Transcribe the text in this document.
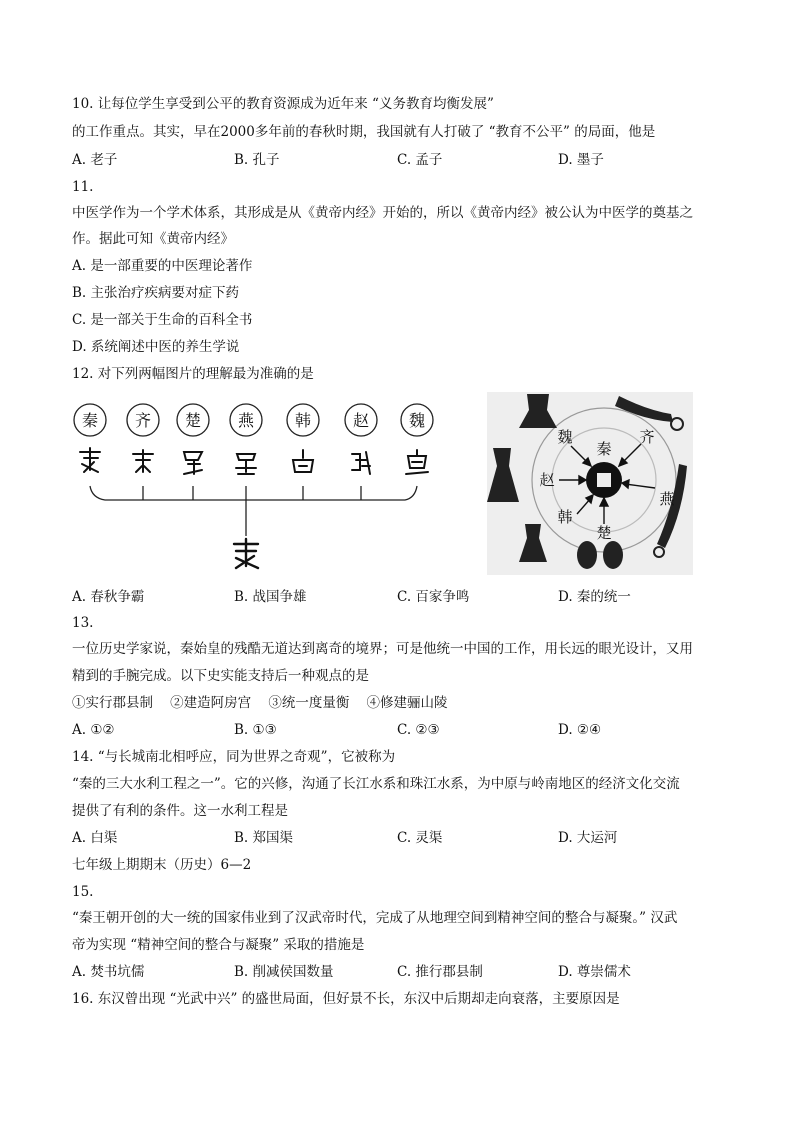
10. 让每位学生享受到公平的教育资源成为近年来 “义务教育均衡发展”
的工作重点。其实，早在2000多年前的春秋时期，我国就有人打破了 “教育不公平” 的局面，他是
A. 老子	B. 孔子	C. 孟子	D. 墨子
11.
中医学作为一个学术体系，其形成是从《黄帝内经》开始的，所以《黄帝内经》被公认为中医学的奠基之
作。据此可知《黄帝内经》
A. 是一部重要的中医理论著作
B. 主张治疗疾病要对症下药
C. 是一部关于生命的百科全书
D. 系统阐述中医的养生学说
12. 对下列两幅图片的理解最为准确的是
秦 齐 楚 燕	韩	赵 魏
秦
魏	齐
赵
燕
韩
楚
A. 春秋争霸	B. 战国争雄	C. 百家争鸣	D. 秦的统一
13.
一位历史学家说，秦始皇的残酷无道达到离奇的境界；可是他统一中国的工作，用长远的眼光设计，又用
精到的手腕完成。以下史实能支持后一种观点的是
①实行郡县制    ②建造阿房宫    ③统一度量衡    ④修建骊山陵
A. ①②	B. ①③	C. ②③	D. ②④
14. “与长城南北相呼应，同为世界之奇观”，它被称为
“秦的三大水利工程之一”。它的兴修，沟通了长江水系和珠江水系，为中原与岭南地区的经济文化交流
提供了有利的条件。这一水利工程是
A. 白渠	B. 郑国渠	C. 灵渠	D. 大运河
七年级上期期末（历史）6—2
15.
“秦王朝开创的大一统的国家伟业到了汉武帝时代，完成了从地理空间到精神空间的整合与凝聚。” 汉武
帝为实现 “精神空间的整合与凝聚” 采取的措施是
A. 焚书坑儒	B. 削减侯国数量	C. 推行郡县制	D. 尊崇儒术
16. 东汉曾出现 “光武中兴” 的盛世局面，但好景不长，东汉中后期却走向衰落，主要原因是
